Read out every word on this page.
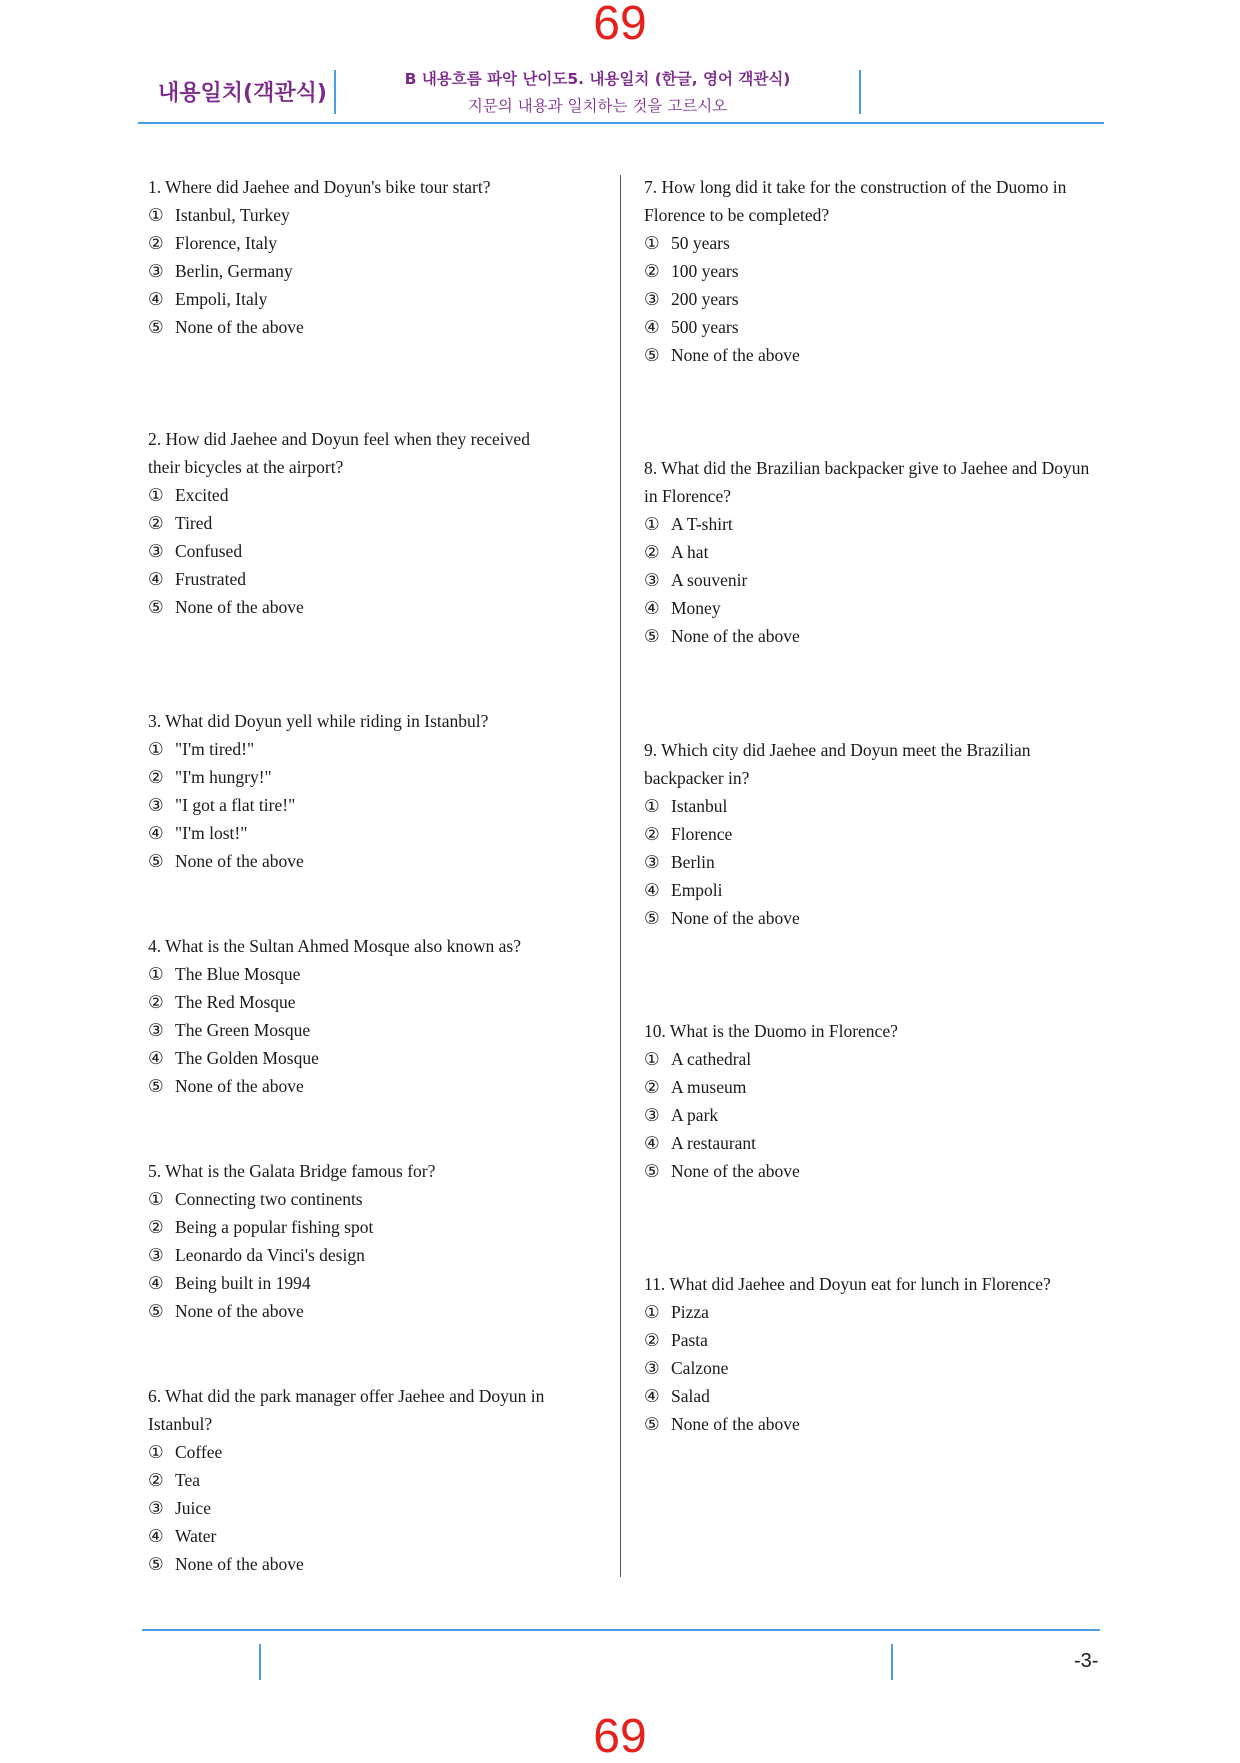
69
내용일치(객관식)
B 내용흐름 파악 난이도5. 내용일치 (한글, 영어 객관식)
지문의 내용과 일치하는 것을 고르시오
1. Where did Jaehee and Doyun's bike tour start?
① Istanbul, Turkey
② Florence, Italy
③ Berlin, Germany
④ Empoli, Italy
⑤ None of the above
2. How did Jaehee and Doyun feel when they received their bicycles at the airport?
① Excited
② Tired
③ Confused
④ Frustrated
⑤ None of the above
3. What did Doyun yell while riding in Istanbul?
① "I'm tired!"
② "I'm hungry!"
③ "I got a flat tire!"
④ "I'm lost!"
⑤ None of the above
4. What is the Sultan Ahmed Mosque also known as?
① The Blue Mosque
② The Red Mosque
③ The Green Mosque
④ The Golden Mosque
⑤ None of the above
5. What is the Galata Bridge famous for?
① Connecting two continents
② Being a popular fishing spot
③ Leonardo da Vinci's design
④ Being built in 1994
⑤ None of the above
6. What did the park manager offer Jaehee and Doyun in Istanbul?
① Coffee
② Tea
③ Juice
④ Water
⑤ None of the above
7. How long did it take for the construction of the Duomo in Florence to be completed?
① 50 years
② 100 years
③ 200 years
④ 500 years
⑤ None of the above
8. What did the Brazilian backpacker give to Jaehee and Doyun in Florence?
① A T-shirt
② A hat
③ A souvenir
④ Money
⑤ None of the above
9. Which city did Jaehee and Doyun meet the Brazilian backpacker in?
① Istanbul
② Florence
③ Berlin
④ Empoli
⑤ None of the above
10. What is the Duomo in Florence?
① A cathedral
② A museum
③ A park
④ A restaurant
⑤ None of the above
11. What did Jaehee and Doyun eat for lunch in Florence?
① Pizza
② Pasta
③ Calzone
④ Salad
⑤ None of the above
-3-
69
